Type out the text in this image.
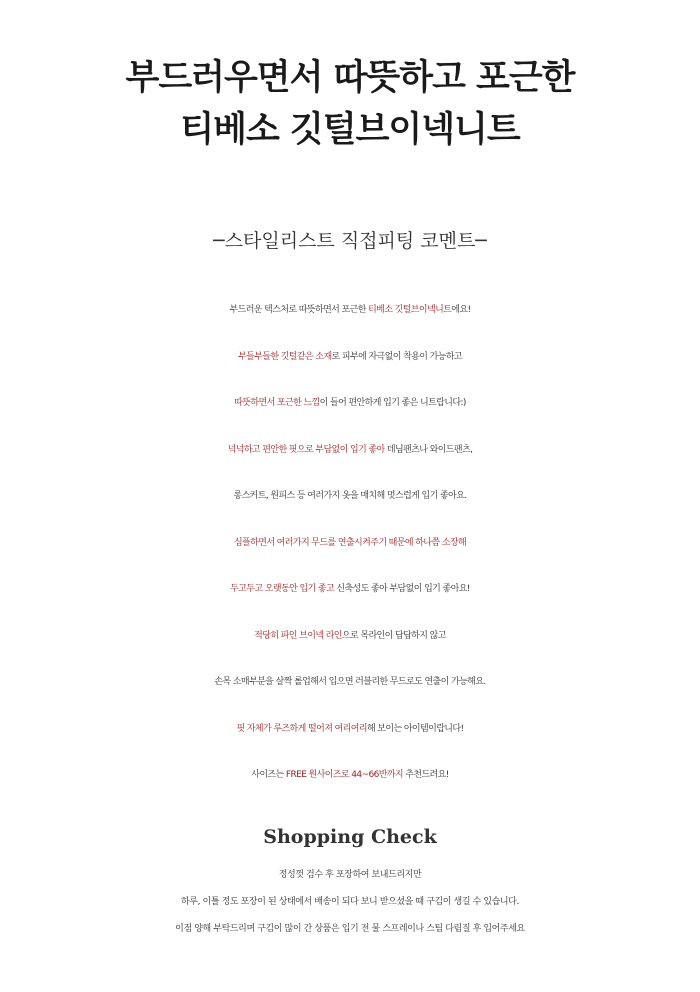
부드러우면서 따뜻하고 포근한
티베소 깃털브이넥니트
─스타일리스트 직접피팅 코멘트─
부드러운 텍스처로 따뜻하면서 포근한 티베소 깃털브이넥니트에요!
부들부들한 깃털같은 소재로 피부에 자극없이 착용이 가능하고
따뜻하면서 포근한 느낌이 들어 편안하게 입기 좋은 니트랍니다:)
넉넉하고 편안한 핏으로 부담없이 입기 좋아 데님팬츠나 와이드팬츠,
롱스커트, 원피스 등 여러가지 옷을 매치해 멋스럽게 입기 좋아요.
심플하면서 여러가지 무드를 연출시켜주기 때문에 하나쯤 소장해
두고두고 오랫동안 입기 좋고 신축성도 좋아 부담없이 입기 좋아요!
적당히 파인 브이넥 라인으로 목라인이 답답하지 않고
손목 소매부분을 살짝 롤업해서 입으면 러블리한 무드로도 연출이 가능해요.
핏 자체가 루즈하게 떨어져 여리여리해 보이는 아이템이랍니다!
사이즈는 FREE 원사이즈로 44~66반까지 추천드려요!
Shopping Check
정성껏 검수 후 포장하여 보내드리지만
하루, 이틀 정도 포장이 된 상태에서 배송이 되다 보니 받으셨을 때 구김이 생길 수 있습니다.
이점 양해 부탁드리며 구김이 많이 간 상품은 입기 전 물 스프레이나 스팀 다림질 후 입어주세요
